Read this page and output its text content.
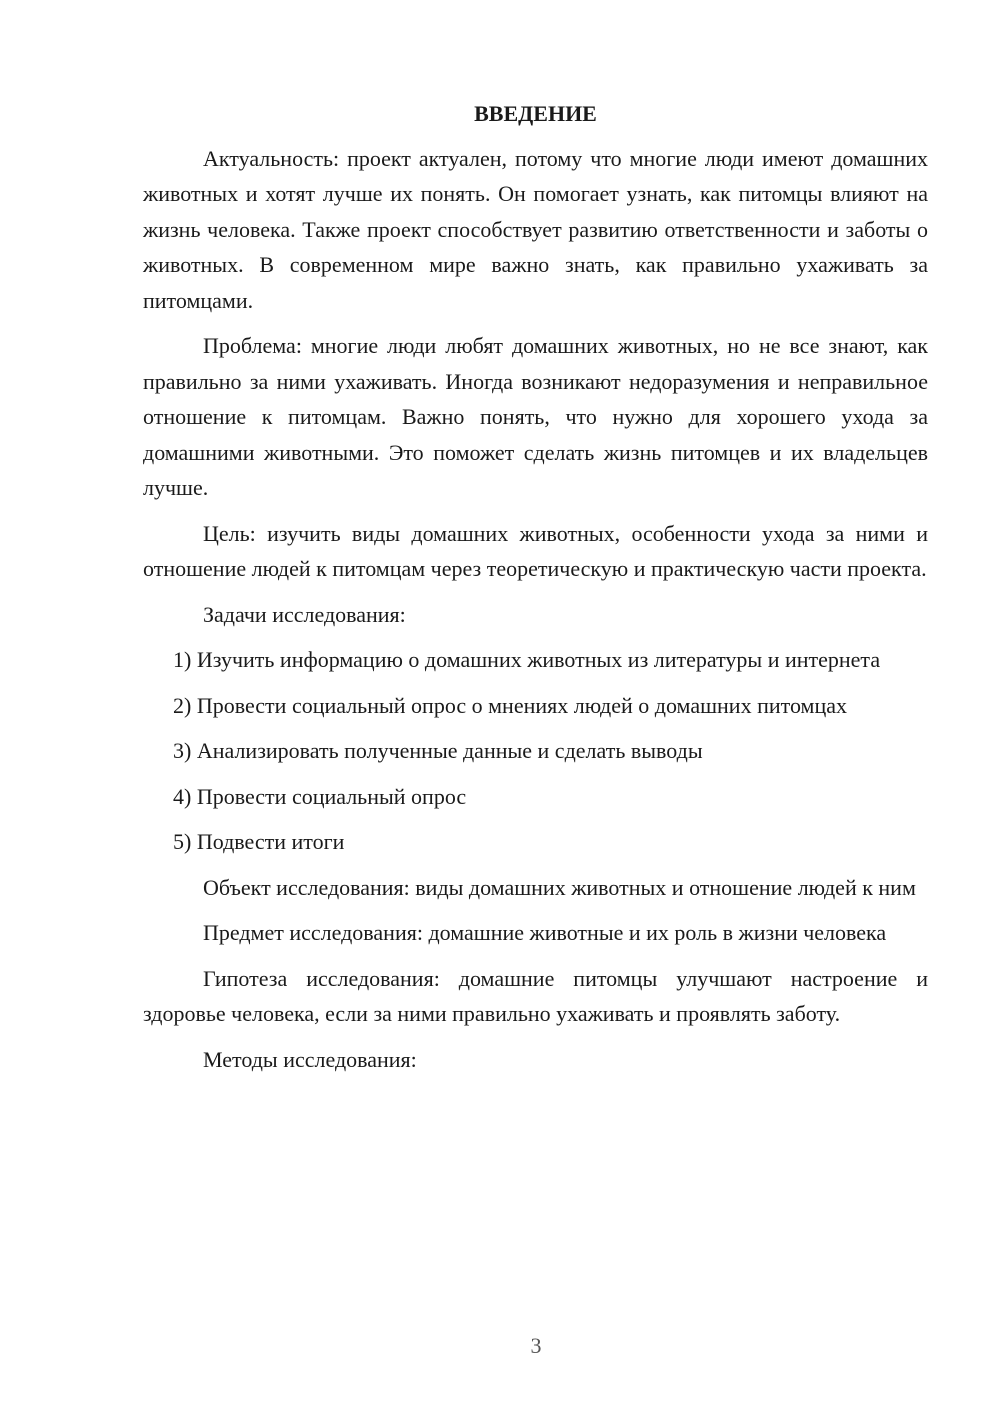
ВВЕДЕНИЕ

Актуальность: проект актуален, потому что многие люди имеют домашних животных и хотят лучше их понять. Он помогает узнать, как питомцы влияют на жизнь человека. Также проект способствует развитию ответственности и заботы о животных. В современном мире важно знать, как правильно ухаживать за питомцами.

Проблема: многие люди любят домашних животных, но не все знают, как правильно за ними ухаживать. Иногда возникают недоразумения и неправильное отношение к питомцам. Важно понять, что нужно для хорошего ухода за домашними животными. Это поможет сделать жизнь питомцев и их владельцев лучше.

Цель: изучить виды домашних животных, особенности ухода за ними и отношение людей к питомцам через теоретическую и практическую части проекта.

Задачи исследования:

1) Изучить информацию о домашних животных из литературы и интернета

2) Провести социальный опрос о мнениях людей о домашних питомцах

3) Анализировать полученные данные и сделать выводы

4) Провести социальный опрос

5) Подвести итоги

Объект исследования: виды домашних животных и отношение людей к ним

Предмет исследования: домашние животные и их роль в жизни человека

Гипотеза исследования: домашние питомцы улучшают настроение и здоровье человека, если за ними правильно ухаживать и проявлять заботу.

Методы исследования:

3
